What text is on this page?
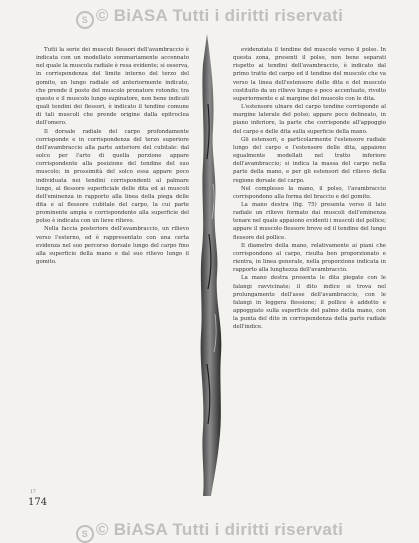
S © BiASA Tutti i diritti riservati

Tutti la serie dei muscoli flessori dell'avambraccio è indicata con un modellato sommariamente accennato nel quale la muscola radiale è resa evidente; si osserva, in corrispondenza del limite interno del terzo del gomito, un lungo radiale ed anteriormente indicato, che prende il posto del muscolo pronatore rotondo; tra questo e il muscolo lungo supinatore, non bene indicati quali tendini dei flessori, è indicato il tendine comune di tali muscoli che prende origine dalla epitroclea dell'omero.

Il dorsale radiale del carpo profondamente corrisponde e in corrispondenza del terzo superiore dell'avambraccio alla parte anteriore del cubitale: dal solco per l'arto di quella porzione appare corrispondente alla posizione del tendine del suo muscolo; in prossimità del solco essa appare poco individuata nei tendini corrispondenti al palmare lungo, al flessore superficiale delle dita ed ai muscoli dell'eminenza in rapporto alla linea della piega delle dita e al flessore cubitale del carpo, la cui parte prominente ampia e corrispondente alla superficie del polso è indicata con un lieve rilievo.

Nella faccia posteriore dell'avambraccio, un rilievo verso l'esterno, ed è rappresentato con una certa evidenza nel suo percorso dorsale lungo del carpo fino alla superficie della mano e dal suo rilievo lungo il gomito.

evidenziata il tendine del muscolo verso il polso. In questa zona, presenti il polso, non bene separati rispetto ai tendini dell'avambraccio, è indicato dal primo tratto del carpo ed il tendine del muscolo che va verso la linea dell'estensore delle dita e del muscolo costituito da un rilievo lungo e poco accentuato, rivolto superiormente e al margine del muscolo con le dita.

L'estensore ulnare del carpo tendine corrisponde al margine laterale del polso; appare poco delineato, in piano inferiore, la parte che corrisponde all'appoggio del carpo e delle dita sulla superficie della mano.

Gli estensori, e particolarmente l'estensore radiale lungo del carpo e l'estensore delle dita, appaiono egualmente modellati nel tratto inferiore dell'avambraccio; si indica la massa del carpo nella parte della mano, e per gli estensori del rilievo della regione dorsale del carpo.

Nel complesso la mano, il polso, l'avambraccio corrispondono alla forma del braccio e del gomito.

La mano destra (fig. 75) presenta verso il lato radiale un rilievo formato dai muscoli dell'eminenza tenare nel quale appaiono evidenti i muscoli del pollice; appare il muscolo flessore breve ed il tendine del lungo flessore del pollice.

Il diametro della mano, relativamente ai piani che corrispondono al carpo, risulta ben proporzionato e rientra, in linea generale, nella proporzione indicata in rapporto alla lunghezza dell'avambraccio.

La mano destra presenta le dita piegate con le falangi ravvicinate; il dito indice si trova nel prolungamento dell'asse dell'avambraccio, con le falangi in leggera flessione; il pollice è addotto e appoggiato sulla superficie del palmo della mano, con la punta del dito in corrispondenza della parte radiale dell'indice.

17
174
S © BiASA Tutti i diritti riservati
